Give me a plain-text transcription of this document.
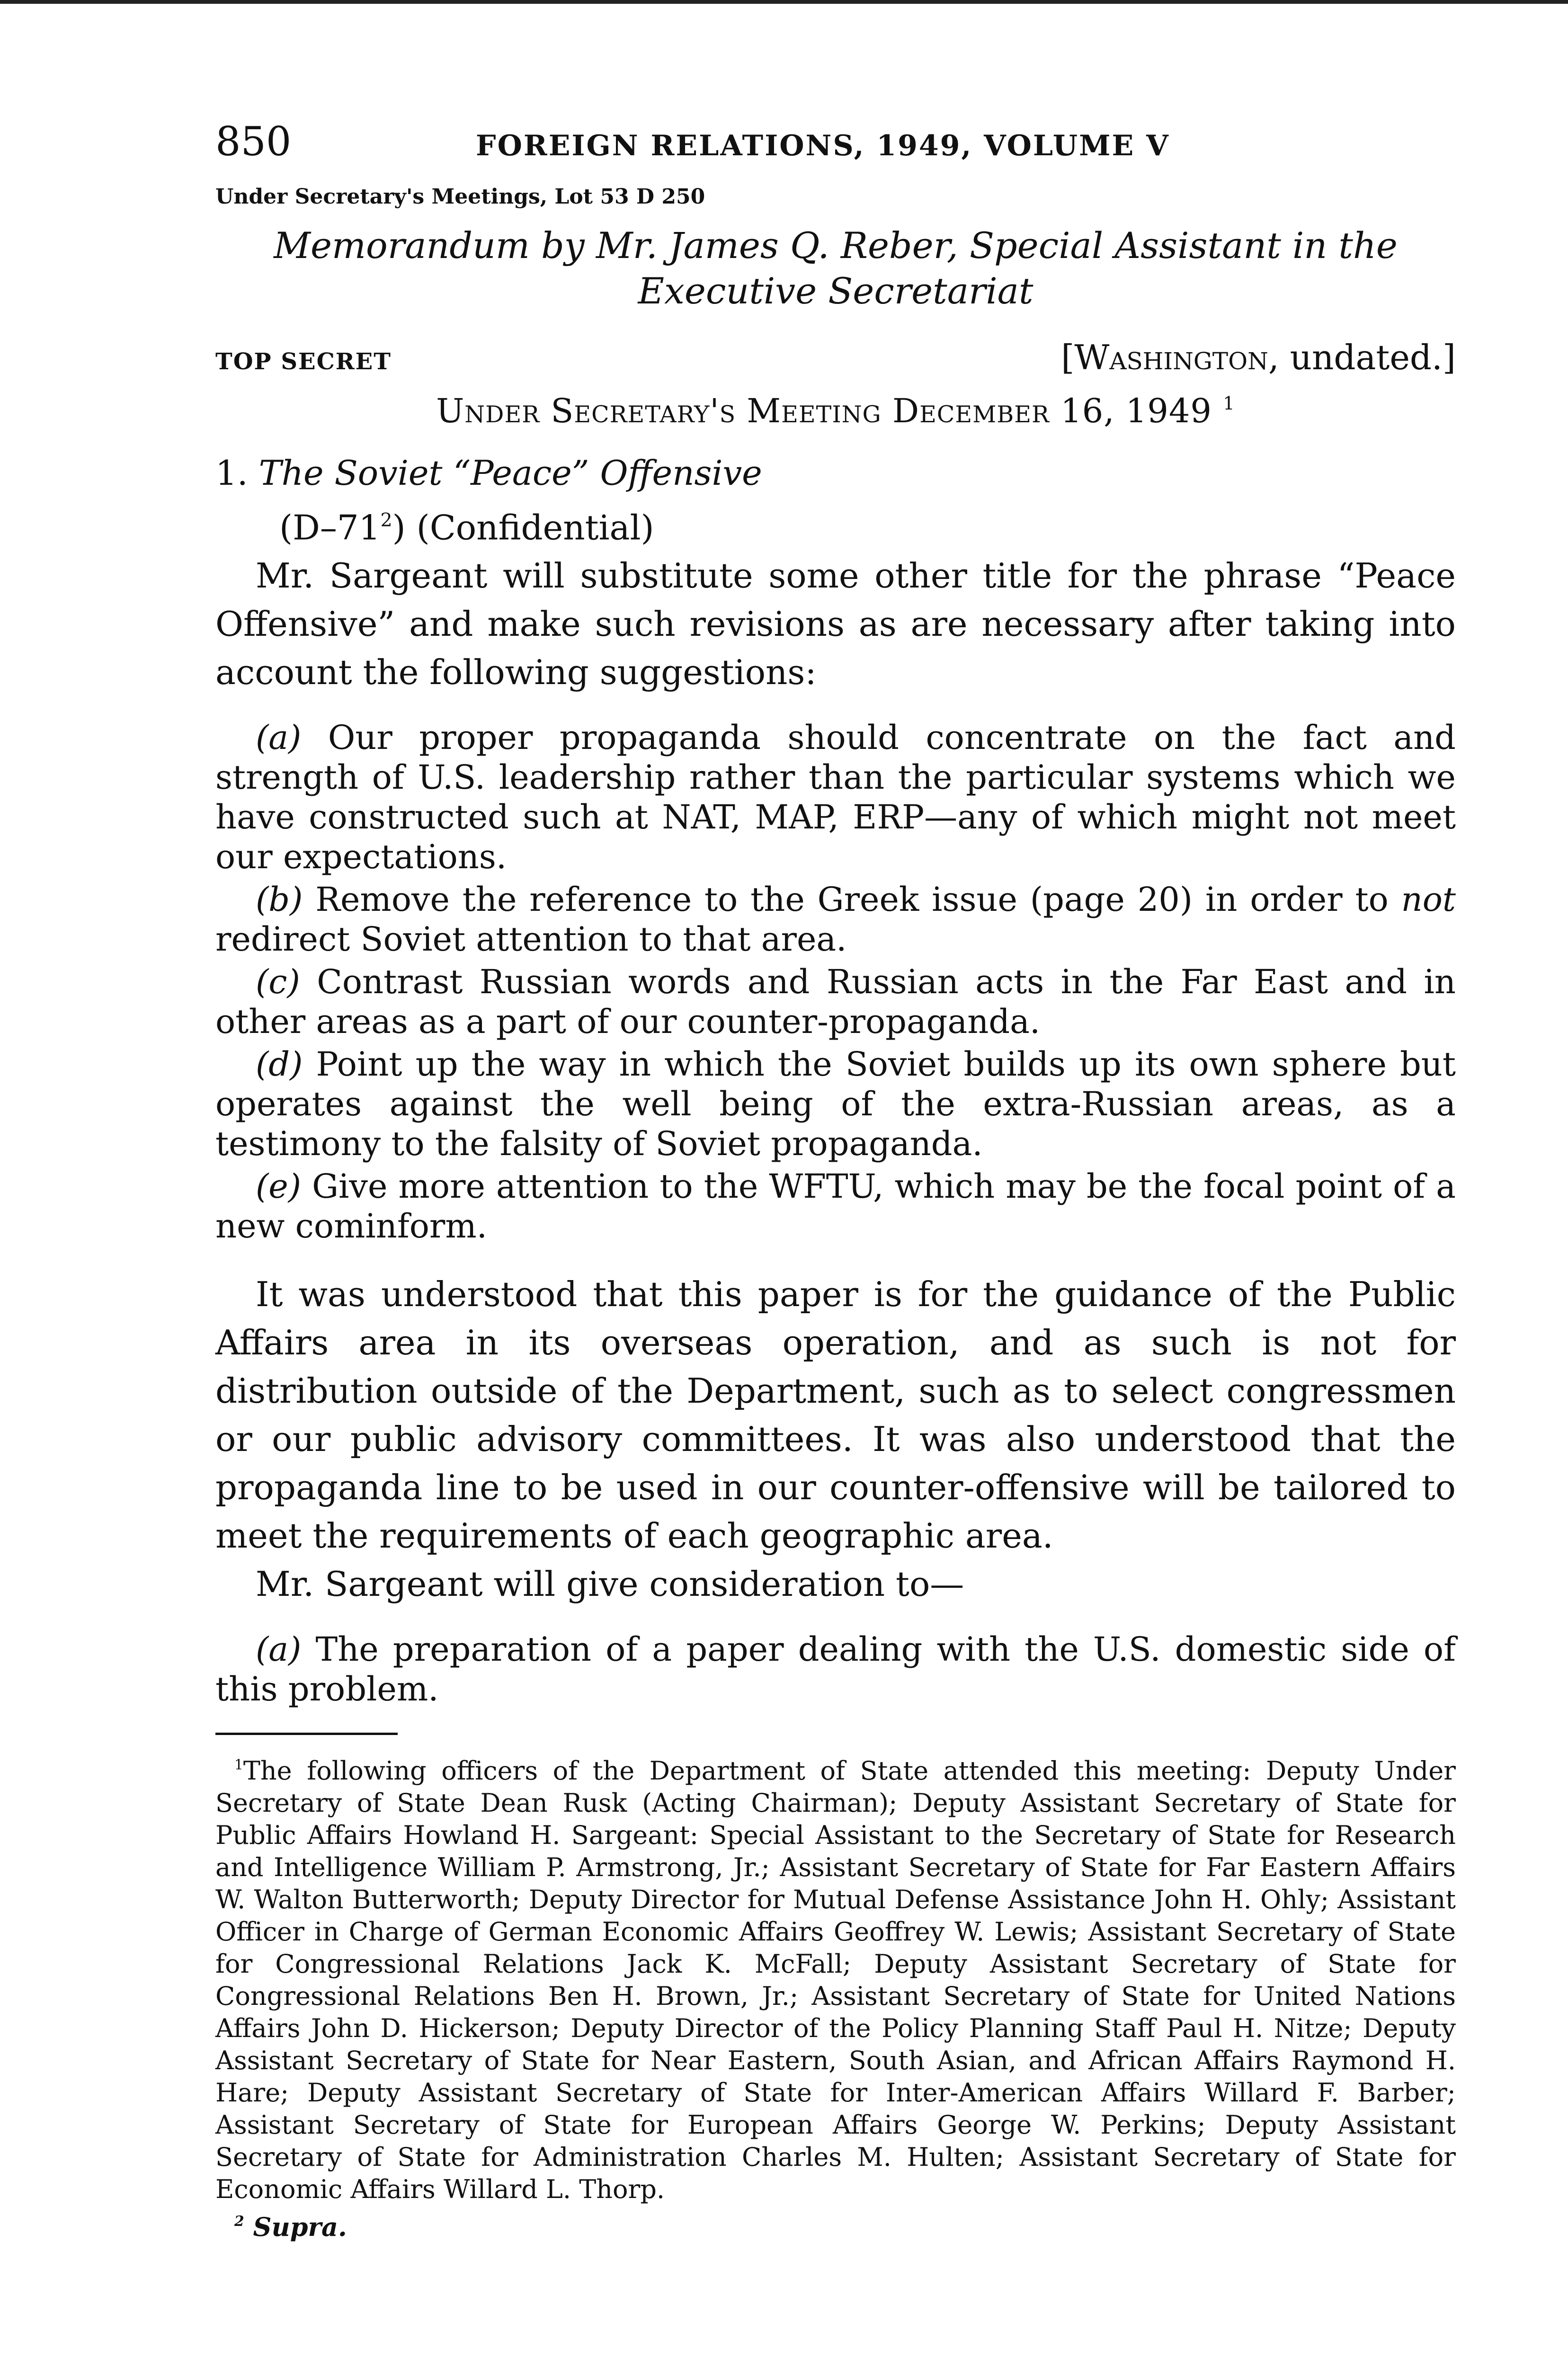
850	FOREIGN RELATIONS, 1949, VOLUME V
Under Secretary's Meetings, Lot 53 D 250
Memorandum by Mr. James Q. Reber, Special Assistant in the
Executive Secretariat
TOP SECRET	[Washington, undated.]
Under Secretary's Meeting December 16, 1949 $^1$
1. The Soviet “Peace” Offensive
$(D-71^2)$ (Confidential)

Mr. Sargeant will substitute some other title for the phrase “Peace Offensive” and make such revisions as are necessary after taking into account the following suggestions:

(a) Our proper propaganda should concentrate on the fact and strength of U.S. leadership rather than the particular systems which we have constructed such at NAT, MAP, ERP—any of which might not meet our expectations.

(b) Remove the reference to the Greek issue (page 20) in order to not redirect Soviet attention to that area.

(c) Contrast Russian words and Russian acts in the Far East and in other areas as a part of our counter-propaganda.

(d) Point up the way in which the Soviet builds up its own sphere but operates against the well being of the extra-Russian areas, as a testimony to the falsity of Soviet propaganda.

(e) Give more attention to the WFTU, which may be the focal point of a new cominform.

It was understood that this paper is for the guidance of the Public Affairs area in its overseas operation, and as such is not for distribution outside of the Department, such as to select congressmen or our public advisory committees. It was also understood that the propaganda line to be used in our counter-offensive will be tailored to meet the requirements of each geographic area.

Mr. Sargeant will give consideration to—

(a) The preparation of a paper dealing with the U.S. domestic side of this problem.

$^1$The following officers of the Department of State attended this meeting: Deputy Under Secretary of State Dean Rusk (Acting Chairman); Deputy Assistant Secretary of State for Public Affairs Howland H. Sargeant: Special Assistant to the Secretary of State for Research and Intelligence William P. Armstrong, Jr.; Assistant Secretary of State for Far Eastern Affairs W. Walton Butterworth; Deputy Director for Mutual Defense Assistance John H. Ohly; Assistant Officer in Charge of German Economic Affairs Geoffrey W. Lewis; Assistant Secretary of State for Congressional Relations Jack K. McFall; Deputy Assistant Secretary of State for Congressional Relations Ben H. Brown, Jr.; Assistant Secretary of State for United Nations Affairs John D. Hickerson; Deputy Director of the Policy Planning Staff Paul H. Nitze; Deputy Assistant Secretary of State for Near Eastern, South Asian, and African Affairs Raymond H. Hare; Deputy Assistant Secretary of State for Inter-American Affairs Willard F. Barber; Assistant Secretary of State for European Affairs George W. Perkins; Deputy Assistant Secretary of State for Administration Charles M. Hulten; Assistant Secretary of State for Economic Affairs Willard L. Thorp.

$^2$ Supra.
